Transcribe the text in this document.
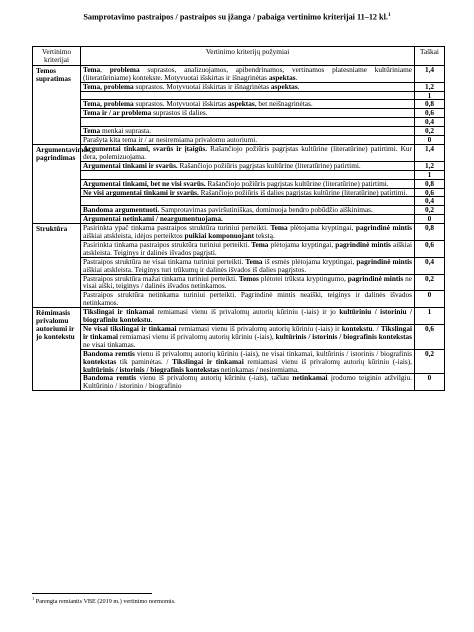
Samprotavimo pastraipos / pastraipos su įžanga / pabaiga vertinimo kriterijai 11–12 kl.$^1$
Vertinimo kriterijai	Vertinimo kriterijų požymiai	Taškai
Temos supratimas	Tema, problema suprastos, analizuojamos, apibendrinamos, vertinamos platesniame kultūriniame (literatūriniame) kontekste. Motyvuotai išskirtas ir išnagrinėtas aspektas.	1,4
	Tema, problema suprastos. Motyvuotai išskirtas ir išnagrinėtas aspektas.	1,2
		1
	Tema, problema suprastos. Motyvuotai išskirtas aspektas, bet neišnagrinėtas.	0,8
	Tema ir / ar problema suprastos iš dalies.	0,6
		0,4
	Tema menkai suprasta.	0,2
	Parašyta kita tema ir / ar nesiremiama privalomu autoriumi.	0
Argumentavimas, pagrindimas	Argumentai tinkami, svarūs ir įtaigūs. Rašančiojo požiūris pagrįstas kultūrine (literatūrine) patirtimi. Kur dera, polemizuojama.	1,4
	Argumentai tinkami ir svarūs. Rašančiojo požiūris pagrįstas kultūrine (literatūrine) patirtimi.	1,2
		1
	Argumentai tinkami, bet ne visi svarūs. Rašančiojo požiūris pagrįstas kultūrine (literatūrine) patirtimi.	0,8
	Ne visi argumentai tinkami ir svarūs. Rašančiojo požiūris iš dalies pagrįstas kultūrine (literatūrine) patirtimi.	0,6
		0,4
	Bandoma argumentuoti. Samprotavimas paviršutiniškas, dominuoja bendro pobūdžio aiškinimas.	0,2
	Argumentai netinkami / neargumentuojama.	0
Struktūra	Pasirinkta ypač tinkama pastraipos struktūra turiniui perteikti. Tema plėtojama kryptingai, pagrindinė mintis aiškiai atskleista, idėjos perteiktos puikiai komponuojant tekstą.	0,8
	Pasirinkta tinkama pastraipos struktūra turiniui perteikti. Tema plėtojama kryptingai, pagrindinė mintis aiškiai atskleista. Teiginys ir dalinės išvados pagrįsti.	0,6
	Pastraipos struktūra ne visai tinkama turiniui perteikti. Tema iš esmės plėtojama kryptingai, pagrindinė mintis aiškiai atskleista. Teiginys turi trūkumų ir dalinės išvados iš dalies pagrįstos.	0,4
	Pastraipos struktūra mažai tinkama turiniui perteikti. Temos plėtotei trūksta kryptingumo, pagrindinė mintis ne visai aiški, teiginys / dalinės išvados netinkamos.	0,2
	Pastraipos struktūra netinkama turiniui perteikti. Pagrindinė mintis neaiški, teiginys ir dalinės išvados netinkamos.	0
Rėmimasis privalomu autoriumi ir jo kontekstu	Tikslingai ir tinkamai remiamasi vienu iš privalomų autorių kūriniu (-iais) ir jo kultūriniu / istoriniu / biografiniu kontekstu.	1
	Ne visai tikslingai ir tinkamai remiamasi vienu iš privalomų autorių kūriniu (-iais) ir kontekstu. / Tikslingai ir tinkamai remiamasi vienu iš privalomų autorių kūriniu (-iais), kultūrinis / istorinis / biografinis kontekstas ne visai tinkamas.	0,6
	Bandoma remtis vienu iš privalomų autorių kūriniu (-iais), ne visai tinkamai, kultūrinis / istorinis / biografinis kontekstas tik paminėtas. / Tikslingai ir tinkamai remiamasi vienu iš privalomų autorių kūriniu (-iais), kultūrinis / istorinis / biografinis kontekstas netinkamas / nesiremiama.	0,2
	Bandoma remtis vienu iš privalomų autorių kūriniu (-iais), tačiau netinkamai įrodomo teiginio atžvilgiu. Kultūrinio / istorinio / biografinio	0
$^1$ Parengta remiantis VBE (2019 m.) vertinimo normomis.
